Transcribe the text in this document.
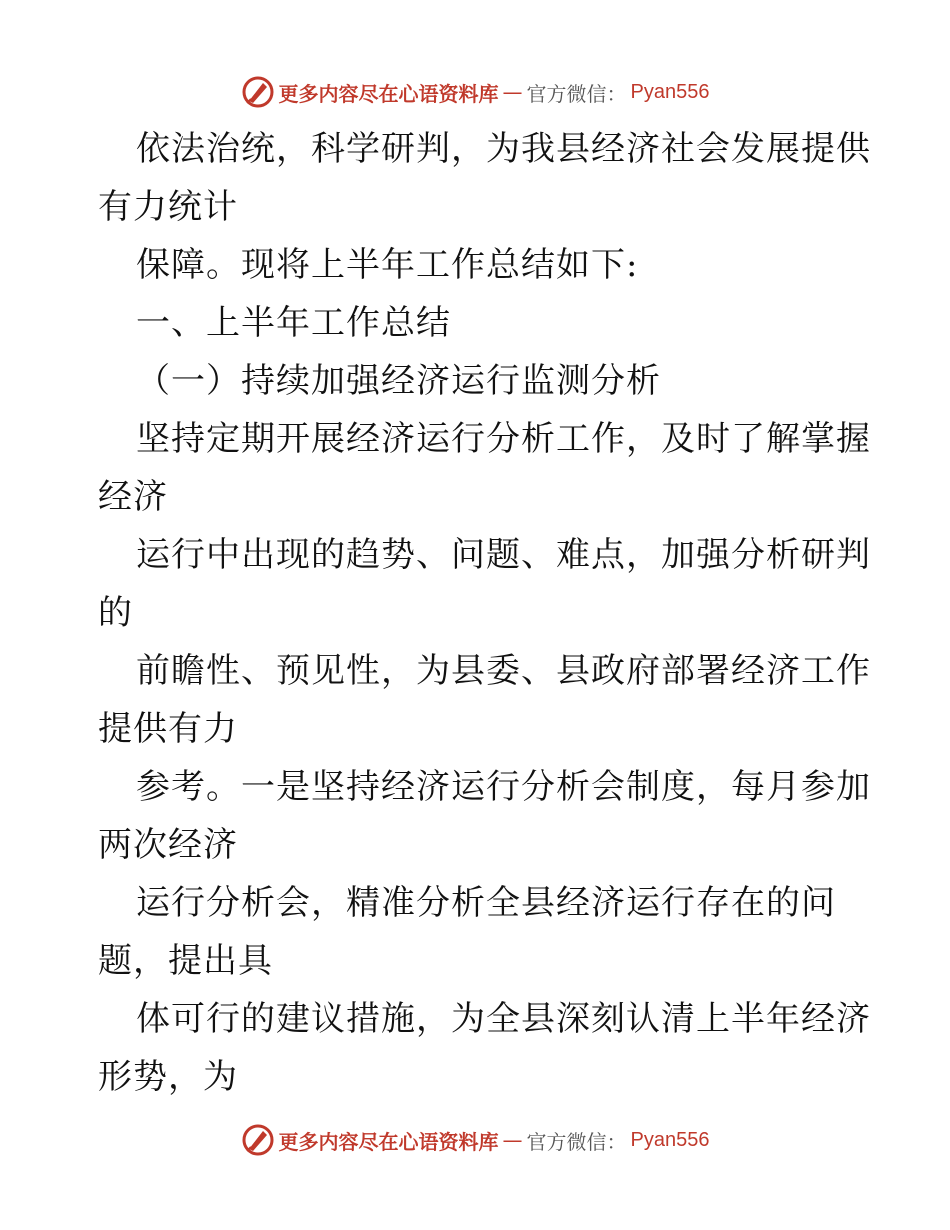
更多内容尽在心语资料库 — 官方微信： Pyan556
依法治统，科学研判，为我县经济社会发展提供
有力统计
保障。现将上半年工作总结如下:
一、上半年工作总结
（一）持续加强经济运行监测分析
坚持定期开展经济运行分析工作，及时了解掌握
经济
运行中出现的趋势、问题、难点，加强分析研判
的
前瞻性、预见性，为县委、县政府部署经济工作
提供有力
参考。一是坚持经济运行分析会制度，每月参加
两次经济
运行分析会，精准分析全县经济运行存在的问
题，提出具
体可行的建议措施，为全县深刻认清上半年经济
形势，为
更多内容尽在心语资料库 — 官方微信： Pyan556
